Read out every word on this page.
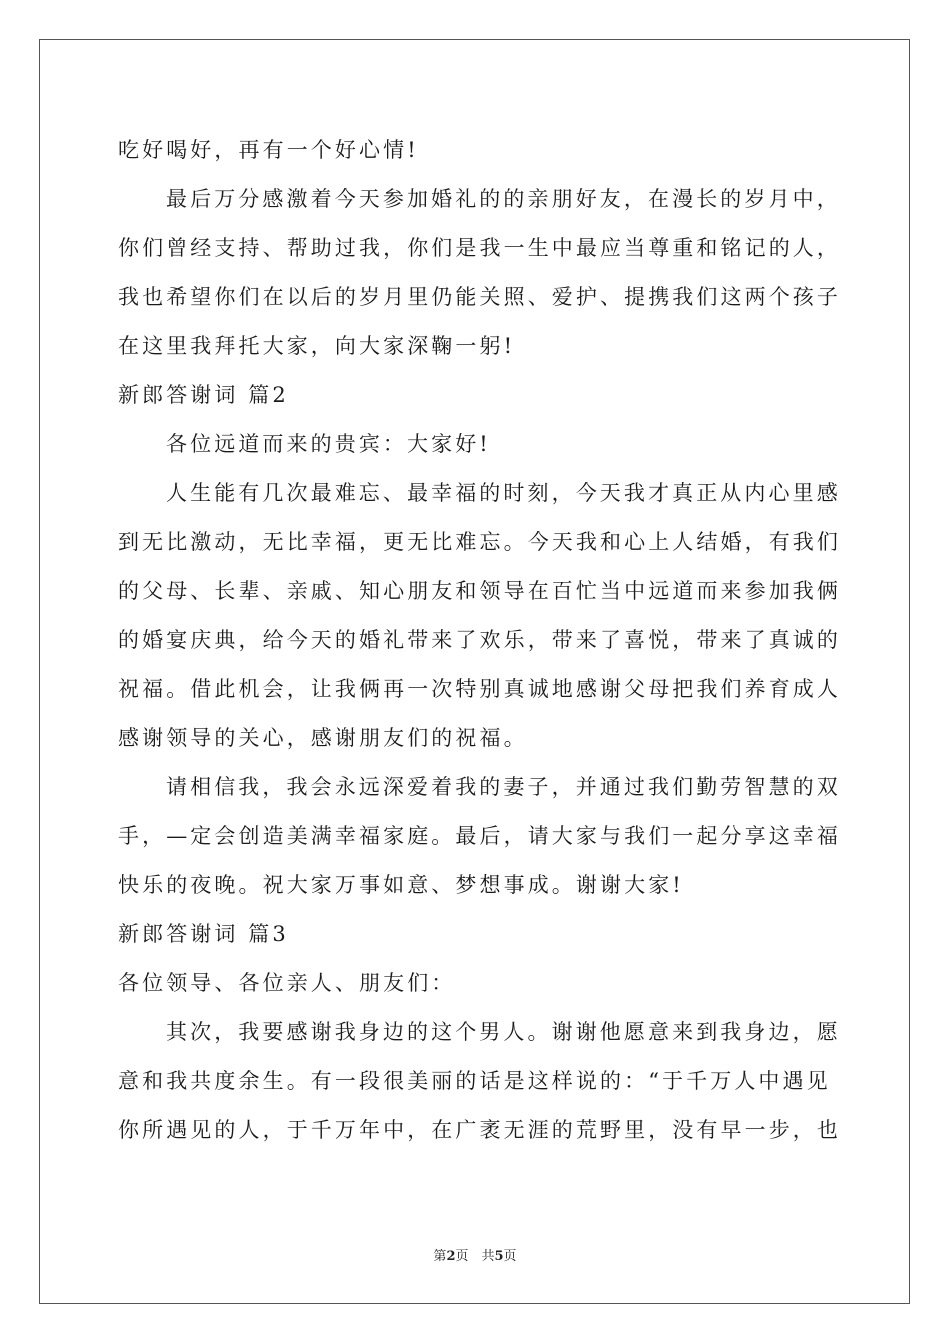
吃好喝好，再有一个好心情!
最后万分感激着今天参加婚礼的的亲朋好友，在漫长的岁月中，
你们曾经支持、帮助过我，你们是我一生中最应当尊重和铭记的人，
我也希望你们在以后的岁月里仍能关照、爱护、提携我们这两个孩子
在这里我拜托大家，向大家深鞠一躬!
新郎答谢词 篇2
各位远道而来的贵宾：大家好!
人生能有几次最难忘、最幸福的时刻，今天我才真正从内心里感
到无比激动，无比幸福，更无比难忘。今天我和心上人结婚，有我们
的父母、长辈、亲戚、知心朋友和领导在百忙当中远道而来参加我俩
的婚宴庆典，给今天的婚礼带来了欢乐，带来了喜悦，带来了真诚的
祝福。借此机会，让我俩再一次特别真诚地感谢父母把我们养育成人
感谢领导的关心，感谢朋友们的祝福。
请相信我，我会永远深爱着我的妻子，并通过我们勤劳智慧的双
手，—定会创造美满幸福家庭。最后，请大家与我们一起分享这幸福
快乐的夜晚。祝大家万事如意、梦想事成。谢谢大家!
新郎答谢词 篇3
各位领导、各位亲人、朋友们：
其次，我要感谢我身边的这个男人。谢谢他愿意来到我身边，愿
意和我共度余生。有一段很美丽的话是这样说的：“于千万人中遇见
你所遇见的人，于千万年中，在广袤无涯的荒野里，没有早一步，也
第2页　共5页
